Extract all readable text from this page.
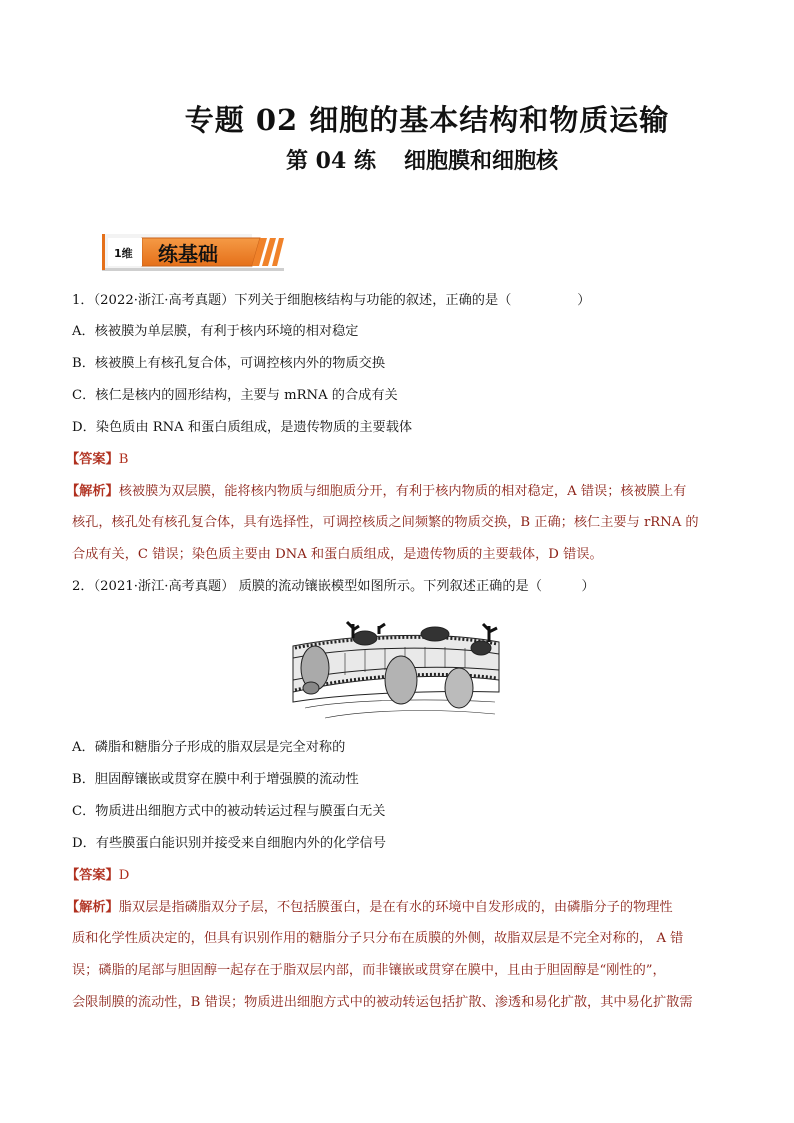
专题 02 细胞的基本结构和物质运输
第 04 练 细胞膜和细胞核
1维 练基础
1．（2022·浙江·高考真题）下列关于细胞核结构与功能的叙述，正确的是（　　　　　）
A．核被膜为单层膜，有利于核内环境的相对稳定
B．核被膜上有核孔复合体，可调控核内外的物质交换
C．核仁是核内的圆形结构，主要与 mRNA 的合成有关
D．染色质由 RNA 和蛋白质组成，是遗传物质的主要载体
【答案】B
【解析】核被膜为双层膜，能将核内物质与细胞质分开，有利于核内物质的相对稳定，A 错误；核被膜上有
核孔，核孔处有核孔复合体，具有选择性，可调控核质之间频繁的物质交换，B 正确；核仁主要与 rRNA 的
合成有关，C 错误；染色质主要由 DNA 和蛋白质组成，是遗传物质的主要载体，D 错误。
2．（2021·浙江·高考真题） 质膜的流动镶嵌模型如图所示。下列叙述正确的是（　　　）
A．磷脂和糖脂分子形成的脂双层是完全对称的
B．胆固醇镶嵌或贯穿在膜中利于增强膜的流动性
C．物质进出细胞方式中的被动转运过程与膜蛋白无关
D．有些膜蛋白能识别并接受来自细胞内外的化学信号
【答案】D
【解析】脂双层是指磷脂双分子层，不包括膜蛋白，是在有水的环境中自发形成的，由磷脂分子的物理性
质和化学性质决定的，但具有识别作用的糖脂分子只分布在质膜的外侧，故脂双层是不完全对称的， A 错
误；磷脂的尾部与胆固醇一起存在于脂双层内部，而非镶嵌或贯穿在膜中，且由于胆固醇是“刚性的”，
会限制膜的流动性，B 错误；物质进出细胞方式中的被动转运包括扩散、渗透和易化扩散，其中易化扩散需
